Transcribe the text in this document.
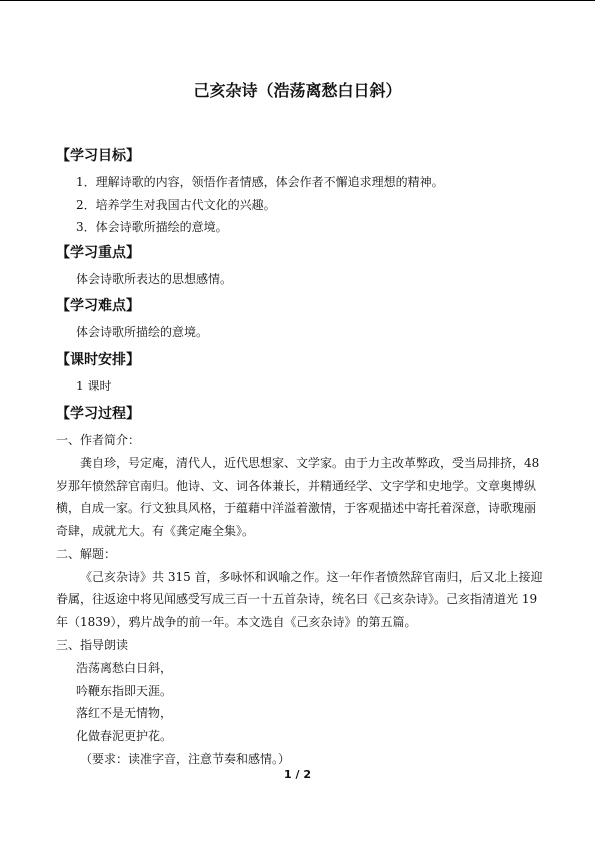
己亥杂诗（浩荡离愁白日斜）
【学习目标】
1．理解诗歌的内容，领悟作者情感，体会作者不懈追求理想的精神。
2．培养学生对我国古代文化的兴趣。
3．体会诗歌所描绘的意境。
【学习重点】
体会诗歌所表达的思想感情。
【学习难点】
体会诗歌所描绘的意境。
【课时安排】
1 课时
【学习过程】
一、作者简介：
龚自珍，号定庵，清代人，近代思想家、文学家。由于力主改革弊政，受当局排挤，48
岁那年愤然辞官南归。他诗、文、词各体兼长，并精通经学、文字学和史地学。文章奥博纵
横，自成一家。行文独具风格，于蕴藉中洋溢着激情，于客观描述中寄托着深意，诗歌瑰丽
奇肆，成就尤大。有《龚定庵全集》。
二、解题：
《己亥杂诗》共 315 首，多咏怀和讽喻之作。这一年作者愤然辞官南归，后又北上接迎
眷属，往返途中将见闻感受写成三百一十五首杂诗，统名曰《己亥杂诗》。己亥指清道光 19
年（1839），鸦片战争的前一年。本文选自《己亥杂诗》的第五篇。
三、指导朗读
浩荡离愁白日斜，
吟鞭东指即天涯。
落红不是无情物，
化做春泥更护花。
（要求：读准字音，注意节奏和感情。）
1 / 2
